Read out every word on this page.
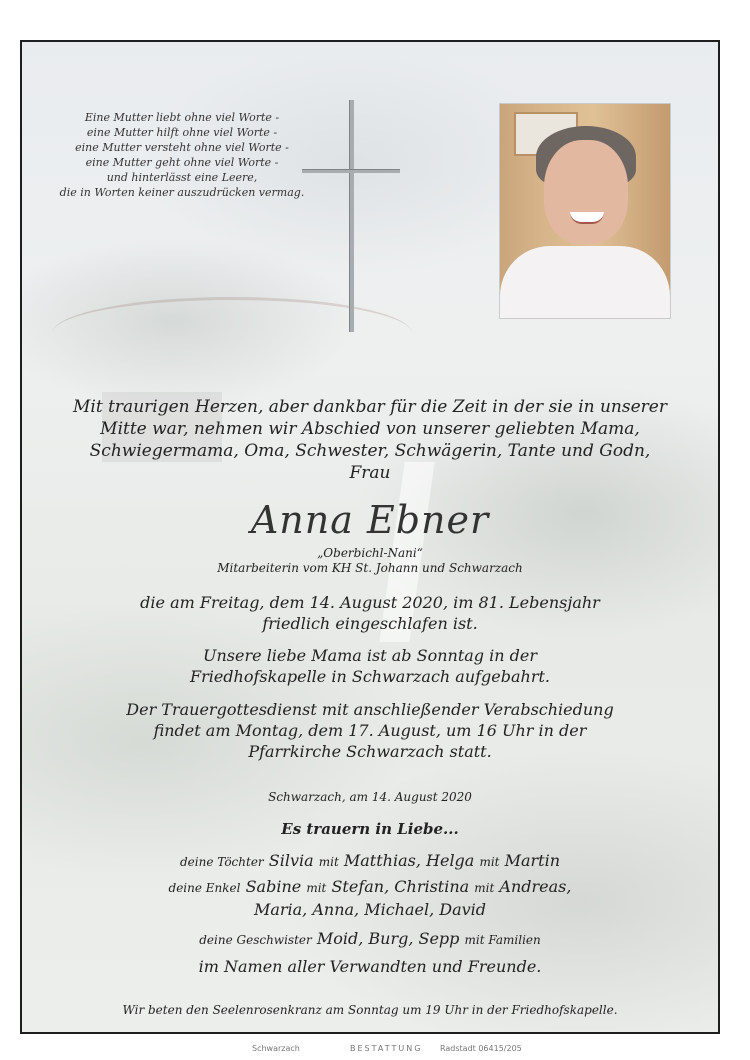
Eine Mutter liebt ohne viel Worte -
eine Mutter hilft ohne viel Worte -
eine Mutter versteht ohne viel Worte -
eine Mutter geht ohne viel Worte -
und hinterlässt eine Leere,
die in Worten keiner auszudrücken vermag.
Mit traurigen Herzen, aber dankbar für die Zeit in der sie in unserer
Mitte war, nehmen wir Abschied von unserer geliebten Mama,
Schwiegermama, Oma, Schwester, Schwägerin, Tante und Godn,
Frau
Anna Ebner
„Oberbichl-Nani“
Mitarbeiterin vom KH St. Johann und Schwarzach
die am Freitag, dem 14. August 2020, im 81. Lebensjahr
friedlich eingeschlafen ist.
Unsere liebe Mama ist ab Sonntag in der
Friedhofskapelle in Schwarzach aufgebahrt.
Der Trauergottesdienst mit anschließender Verabschiedung
findet am Montag, dem 17. August, um 16 Uhr in der
Pfarrkirche Schwarzach statt.
Schwarzach, am 14. August 2020
Es trauern in Liebe...
deine Töchter Silvia mit Matthias, Helga mit Martin
deine Enkel Sabine mit Stefan, Christina mit Andreas,
Maria, Anna, Michael, David
deine Geschwister Moid, Burg, Sepp mit Familien
im Namen aller Verwandten und Freunde.
Wir beten den Seelenrosenkranz am Sonntag um 19 Uhr in der Friedhofskapelle.
Schwarzach	BESTATTUNG Radstadt 06415/205
